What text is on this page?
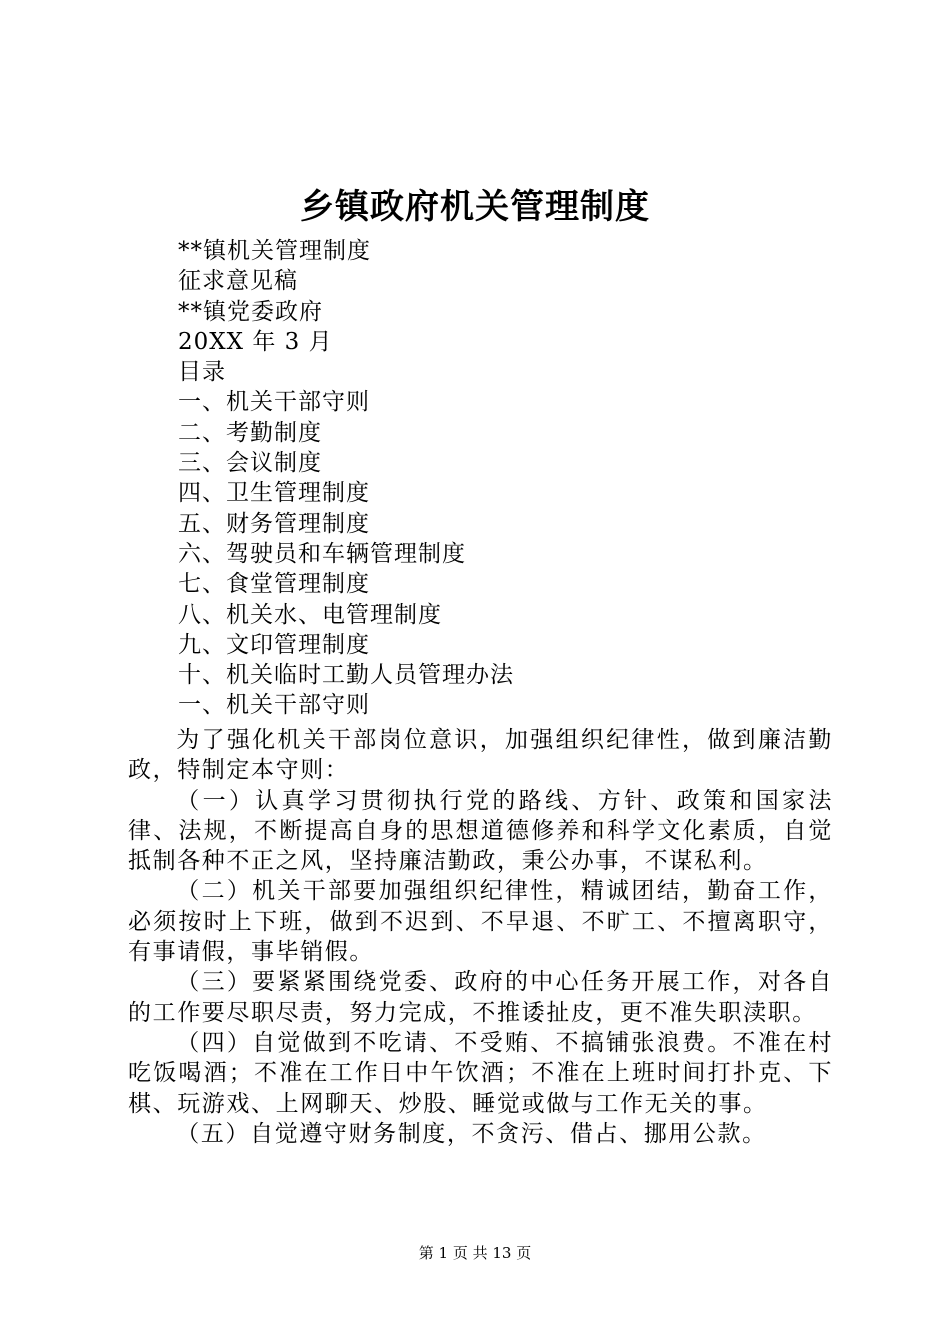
乡镇政府机关管理制度
**镇机关管理制度
征求意见稿
**镇党委政府
20XX 年 3 月
目录
一、机关干部守则
二、考勤制度
三、会议制度
四、卫生管理制度
五、财务管理制度
六、驾驶员和车辆管理制度
七、食堂管理制度
八、机关水、电管理制度
九、文印管理制度
十、机关临时工勤人员管理办法
一、机关干部守则

为了强化机关干部岗位意识，加强组织纪律性，做到廉洁勤政，特制定本守则：

（一）认真学习贯彻执行党的路线、方针、政策和国家法律、法规，不断提高自身的思想道德修养和科学文化素质，自觉抵制各种不正之风，坚持廉洁勤政，秉公办事，不谋私利。

（二）机关干部要加强组织纪律性，精诚团结，勤奋工作，必须按时上下班，做到不迟到、不早退、不旷工、不擅离职守，有事请假，事毕销假。

（三）要紧紧围绕党委、政府的中心任务开展工作，对各自的工作要尽职尽责，努力完成，不推诿扯皮，更不准失职渎职。

（四）自觉做到不吃请、不受贿、不搞铺张浪费。不准在村吃饭喝酒；不准在工作日中午饮酒；不准在上班时间打扑克、下棋、玩游戏、上网聊天、炒股、睡觉或做与工作无关的事。

（五）自觉遵守财务制度，不贪污、借占、挪用公款。

第 1 页 共 13 页
